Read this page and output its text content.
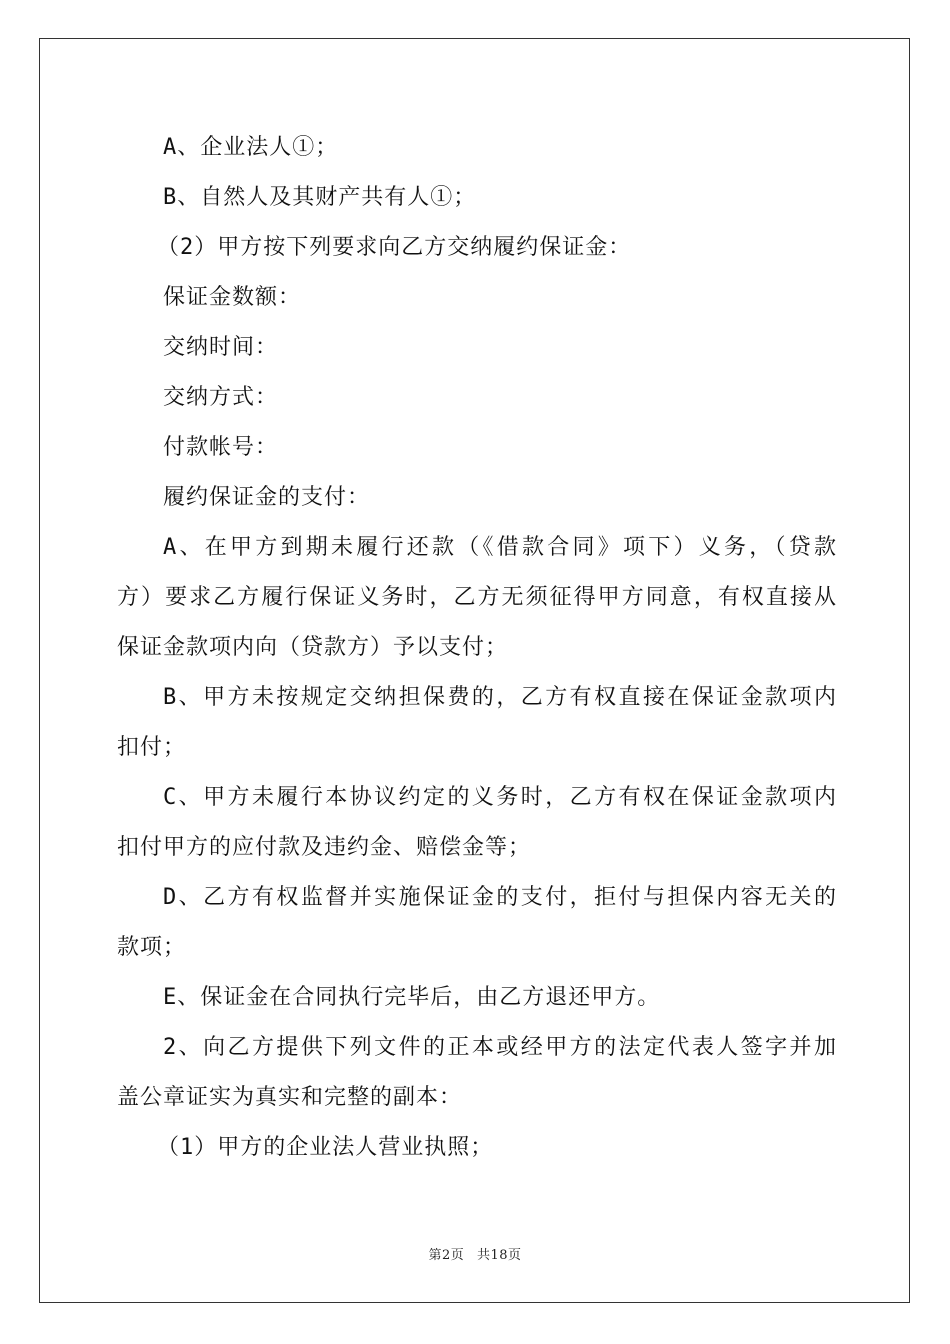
A、企业法人①；
B、自然人及其财产共有人①；
（2）甲方按下列要求向乙方交纳履约保证金：
保证金数额：
交纳时间：
交纳方式：
付款帐号：
履约保证金的支付：
A、在甲方到期未履行还款（《借款合同》项下）义务，（贷款
方）要求乙方履行保证义务时，乙方无须征得甲方同意，有权直接从
保证金款项内向（贷款方）予以支付；
B、甲方未按规定交纳担保费的，乙方有权直接在保证金款项内
扣付；
C、甲方未履行本协议约定的义务时，乙方有权在保证金款项内
扣付甲方的应付款及违约金、赔偿金等；
D、乙方有权监督并实施保证金的支付，拒付与担保内容无关的
款项；
E、保证金在合同执行完毕后，由乙方退还甲方。
2、向乙方提供下列文件的正本或经甲方的法定代表人签字并加
盖公章证实为真实和完整的副本：
（1）甲方的企业法人营业执照；
第2页 共18页
